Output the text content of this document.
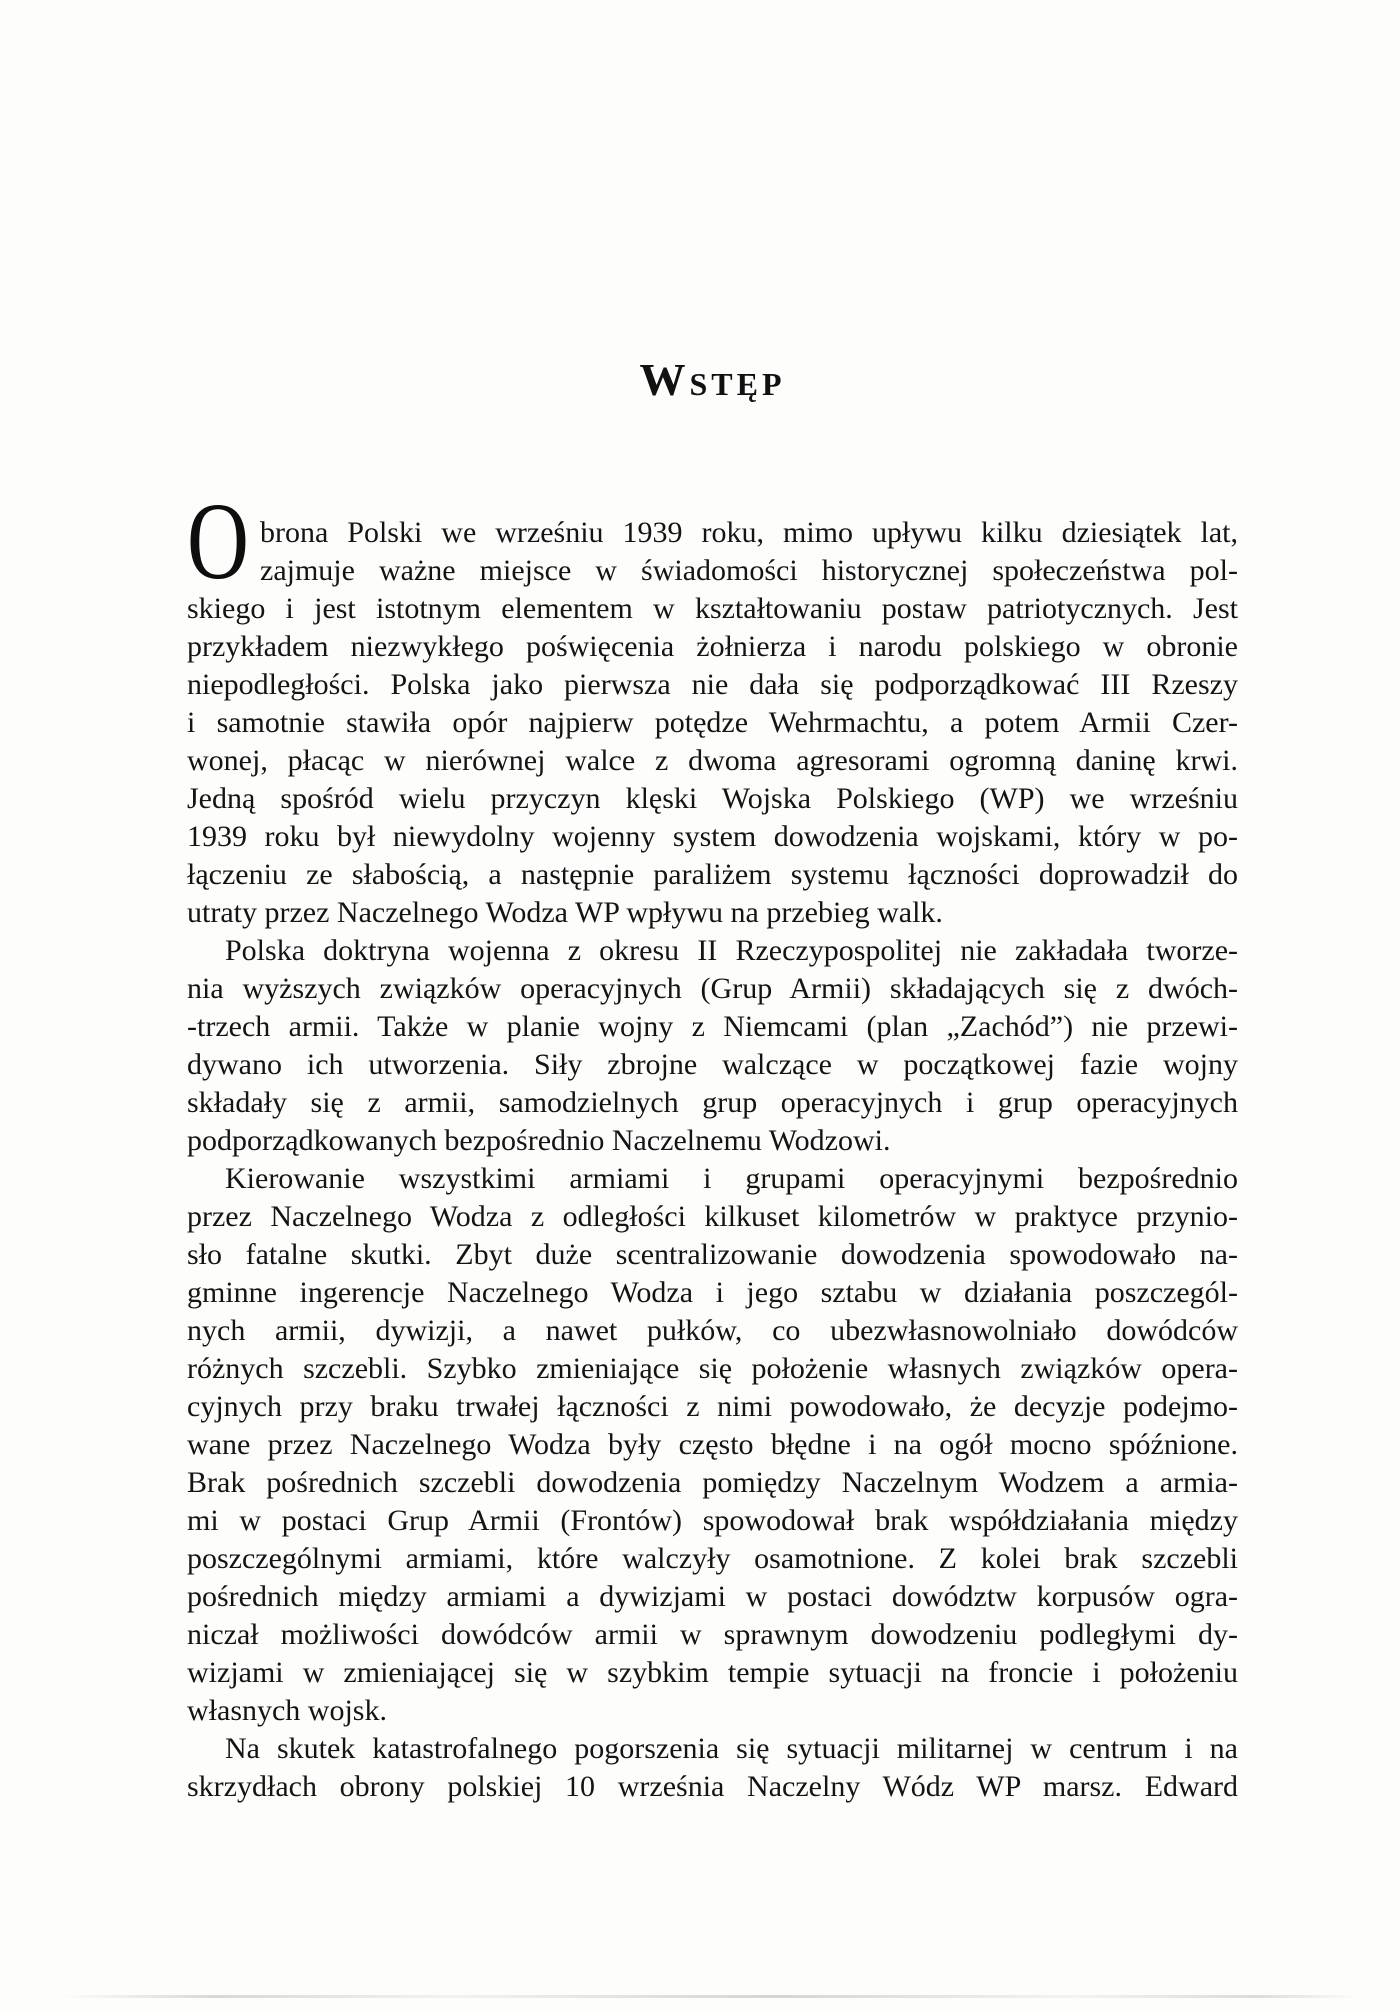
Wstęp
O brona Polski we wrześniu 1939 roku, mimo upływu kilku dziesiątek lat,
zajmuje ważne miejsce w świadomości historycznej społeczeństwa pol-
skiego i jest istotnym elementem w kształtowaniu postaw patriotycznych. Jest
przykładem niezwykłego poświęcenia żołnierza i narodu polskiego w obronie
niepodległości. Polska jako pierwsza nie dała się podporządkować III Rzeszy
i samotnie stawiła opór najpierw potędze Wehrmachtu, a potem Armii Czer-
wonej, płacąc w nierównej walce z dwoma agresorami ogromną daninę krwi.
Jedną spośród wielu przyczyn klęski Wojska Polskiego (WP) we wrześniu
1939 roku był niewydolny wojenny system dowodzenia wojskami, który w po-
łączeniu ze słabością, a następnie paraliżem systemu łączności doprowadził do
utraty przez Naczelnego Wodza WP wpływu na przebieg walk.
Polska doktryna wojenna z okresu II Rzeczypospolitej nie zakładała tworze-
nia wyższych związków operacyjnych (Grup Armii) składających się z dwóch-
-trzech armii. Także w planie wojny z Niemcami (plan „Zachód”) nie przewi-
dywano ich utworzenia. Siły zbrojne walczące w początkowej fazie wojny
składały się z armii, samodzielnych grup operacyjnych i grup operacyjnych
podporządkowanych bezpośrednio Naczelnemu Wodzowi.
Kierowanie wszystkimi armiami i grupami operacyjnymi bezpośrednio
przez Naczelnego Wodza z odległości kilkuset kilometrów w praktyce przynio-
sło fatalne skutki. Zbyt duże scentralizowanie dowodzenia spowodowało na-
gminne ingerencje Naczelnego Wodza i jego sztabu w działania poszczegól-
nych armii, dywizji, a nawet pułków, co ubezwłasnowolniało dowódców
różnych szczebli. Szybko zmieniające się położenie własnych związków opera-
cyjnych przy braku trwałej łączności z nimi powodowało, że decyzje podejmo-
wane przez Naczelnego Wodza były często błędne i na ogół mocno spóźnione.
Brak pośrednich szczebli dowodzenia pomiędzy Naczelnym Wodzem a armia-
mi w postaci Grup Armii (Frontów) spowodował brak współdziałania między
poszczególnymi armiami, które walczyły osamotnione. Z kolei brak szczebli
pośrednich między armiami a dywizjami w postaci dowództw korpusów ogra-
niczał możliwości dowódców armii w sprawnym dowodzeniu podległymi dy-
wizjami w zmieniającej się w szybkim tempie sytuacji na froncie i położeniu
własnych wojsk.
Na skutek katastrofalnego pogorszenia się sytuacji militarnej w centrum i na
skrzydłach obrony polskiej 10 września Naczelny Wódz WP marsz. Edward
